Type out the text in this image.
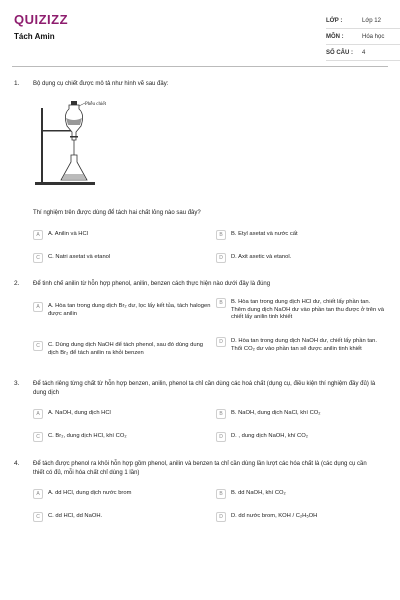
QUIZIZZ
Tách Amin
LỚP :	Lớp 12
MÔN :	Hóa học
SỐ CÂU :	4
1. Bộ dụng cụ chiết được mô tả như hình vẽ sau đây:
Phễu chiết
Thí nghiệm trên được dùng để tách hai chất lỏng nào sau đây?
A	A. Anilin và HCl	B	B. Etyl axetat và nước cất
C	C. Natri axetat và etanol	D	D. Axit axetic và etanol.
2. Để tinh chế anilin từ hỗn hợp phenol, anilin, benzen cách thực hiện nào dưới đây là đúng
A	A. Hòa tan trong dung dịch Br₂ dư, lọc lấy kết tủa, tách halogen được anilin
B	B. Hòa tan trong dung dịch HCl dư, chiết lấy phần tan. Thêm dung dịch NaOH dư vào phần tan thu được ở trên và chiết lấy anilin tinh khiết
C	C. Dùng dung dịch NaOH để tách phenol, sau đó dùng dung dịch Br₂ để tách anilin ra khỏi benzen
D	D. Hòa tan trong dung dịch NaOH dư, chiết lấy phần tan. Thổi CO₂ dư vào phần tan sẽ được anilin tinh khiết
3. Để tách riêng từng chất từ hỗn hợp benzen, anilin, phenol ta chỉ cần dùng các hoá chất (dụng cụ, điều kiện thí nghiệm đầy đủ) là dung dịch
A	A. NaOH, dung dịch HCl	B	B. NaOH, dung dịch NaCl, khí CO₂
C	C. Br₂, dung dịch HCl, khí CO₂	D	D. , dung dịch NaOH, khí CO₂
4. Để tách được phenol ra khỏi hỗn hợp gồm phenol, anilin và benzen ta chỉ cần dùng lần lượt các hóa chất là (các dụng cụ cần thiết có đủ, mỗi hóa chất chỉ dùng 1 lần)
A	A. dd HCl, dung dịch nước brom	B	B. dd NaOH, khí CO₂
C	C. dd HCl, dd NaOH.	D	D. dd nước brom, KOH / C₂H₅OH
